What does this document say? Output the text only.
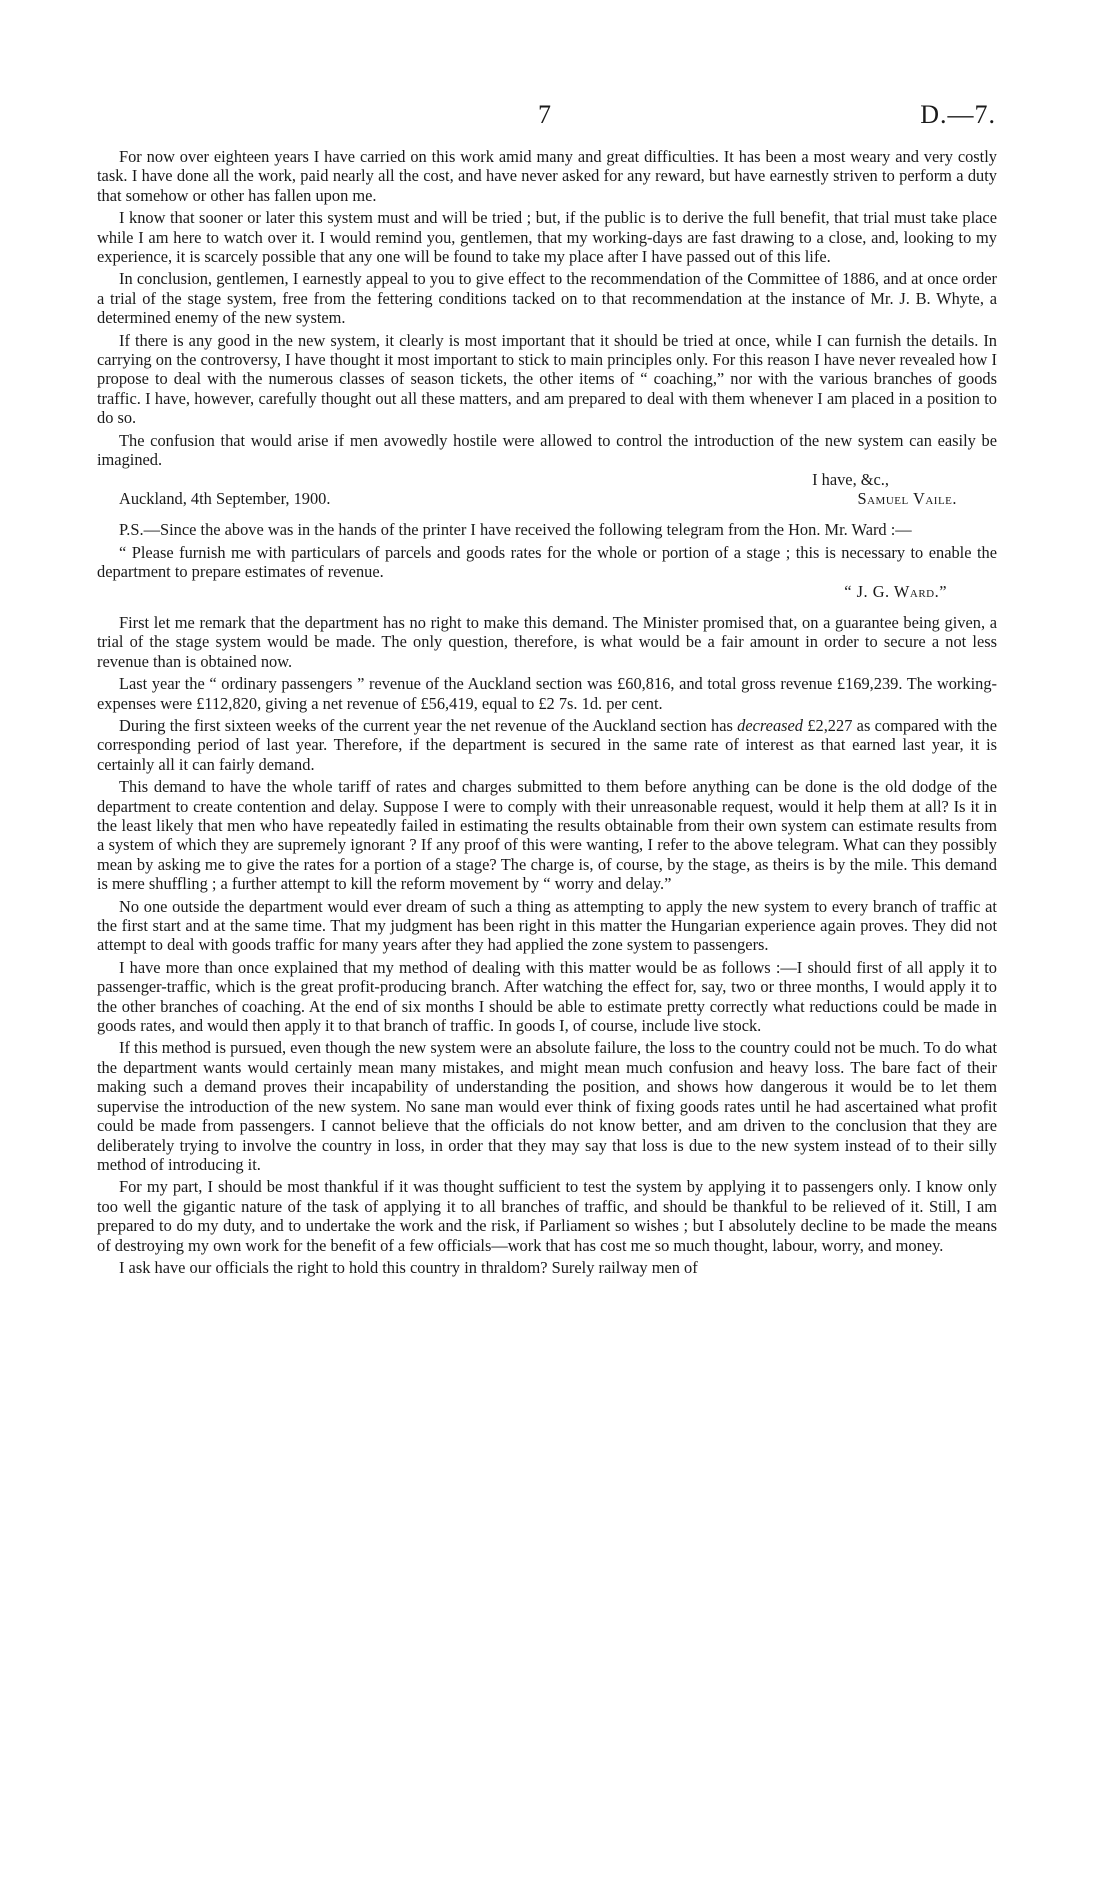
7	D.—7.

For now over eighteen years I have carried on this work amid many and great difficulties. It has been a most weary and very costly task. I have done all the work, paid nearly all the cost, and have never asked for any reward, but have earnestly striven to perform a duty that somehow or other has fallen upon me.

I know that sooner or later this system must and will be tried ; but, if the public is to derive the full benefit, that trial must take place while I am here to watch over it. I would remind you, gentlemen, that my working-days are fast drawing to a close, and, looking to my experience, it is scarcely possible that any one will be found to take my place after I have passed out of this life.

In conclusion, gentlemen, I earnestly appeal to you to give effect to the recommendation of the Committee of 1886, and at once order a trial of the stage system, free from the fettering conditions tacked on to that recommendation at the instance of Mr. J. B. Whyte, a determined enemy of the new system.

If there is any good in the new system, it clearly is most important that it should be tried at once, while I can furnish the details. In carrying on the controversy, I have thought it most important to stick to main principles only. For this reason I have never revealed how I propose to deal with the numerous classes of season tickets, the other items of “ coaching,” nor with the various branches of goods traffic. I have, however, carefully thought out all these matters, and am prepared to deal with them whenever I am placed in a position to do so.

The confusion that would arise if men avowedly hostile were allowed to control the introduction of the new system can easily be imagined.

I have, &c.,
Auckland, 4th September, 1900.	Samuel Vaile.

P.S.—Since the above was in the hands of the printer I have received the following telegram from the Hon. Mr. Ward :—

“ Please furnish me with particulars of parcels and goods rates for the whole or portion of a stage ; this is necessary to enable the department to prepare estimates of revenue.

“ J. G. Ward.”

First let me remark that the department has no right to make this demand. The Minister promised that, on a guarantee being given, a trial of the stage system would be made. The only question, therefore, is what would be a fair amount in order to secure a not less revenue than is obtained now.

Last year the “ ordinary passengers ” revenue of the Auckland section was £60,816, and total gross revenue £169,239. The working-expenses were £112,820, giving a net revenue of £56,419, equal to £2 7s. 1d. per cent.

During the first sixteen weeks of the current year the net revenue of the Auckland section has decreased £2,227 as compared with the corresponding period of last year. Therefore, if the department is secured in the same rate of interest as that earned last year, it is certainly all it can fairly demand.

This demand to have the whole tariff of rates and charges submitted to them before anything can be done is the old dodge of the department to create contention and delay. Suppose I were to comply with their unreasonable request, would it help them at all? Is it in the least likely that men who have repeatedly failed in estimating the results obtainable from their own system can estimate results from a system of which they are supremely ignorant ? If any proof of this were wanting, I refer to the above telegram. What can they possibly mean by asking me to give the rates for a portion of a stage? The charge is, of course, by the stage, as theirs is by the mile. This demand is mere shuffling ; a further attempt to kill the reform movement by “ worry and delay.”

No one outside the department would ever dream of such a thing as attempting to apply the new system to every branch of traffic at the first start and at the same time. That my judgment has been right in this matter the Hungarian experience again proves. They did not attempt to deal with goods traffic for many years after they had applied the zone system to passengers.

I have more than once explained that my method of dealing with this matter would be as follows :—I should first of all apply it to passenger-traffic, which is the great profit-producing branch. After watching the effect for, say, two or three months, I would apply it to the other branches of coaching. At the end of six months I should be able to estimate pretty correctly what reductions could be made in goods rates, and would then apply it to that branch of traffic. In goods I, of course, include live stock.

If this method is pursued, even though the new system were an absolute failure, the loss to the country could not be much. To do what the department wants would certainly mean many mistakes, and might mean much confusion and heavy loss. The bare fact of their making such a demand proves their incapability of understanding the position, and shows how dangerous it would be to let them supervise the introduction of the new system. No sane man would ever think of fixing goods rates until he had ascertained what profit could be made from passengers. I cannot believe that the officials do not know better, and am driven to the conclusion that they are deliberately trying to involve the country in loss, in order that they may say that loss is due to the new system instead of to their silly method of introducing it.

For my part, I should be most thankful if it was thought sufficient to test the system by applying it to passengers only. I know only too well the gigantic nature of the task of applying it to all branches of traffic, and should be thankful to be relieved of it. Still, I am prepared to do my duty, and to undertake the work and the risk, if Parliament so wishes ; but I absolutely decline to be made the means of destroying my own work for the benefit of a few officials—work that has cost me so much thought, labour, worry, and money.

I ask have our officials the right to hold this country in thraldom? Surely railway men of
